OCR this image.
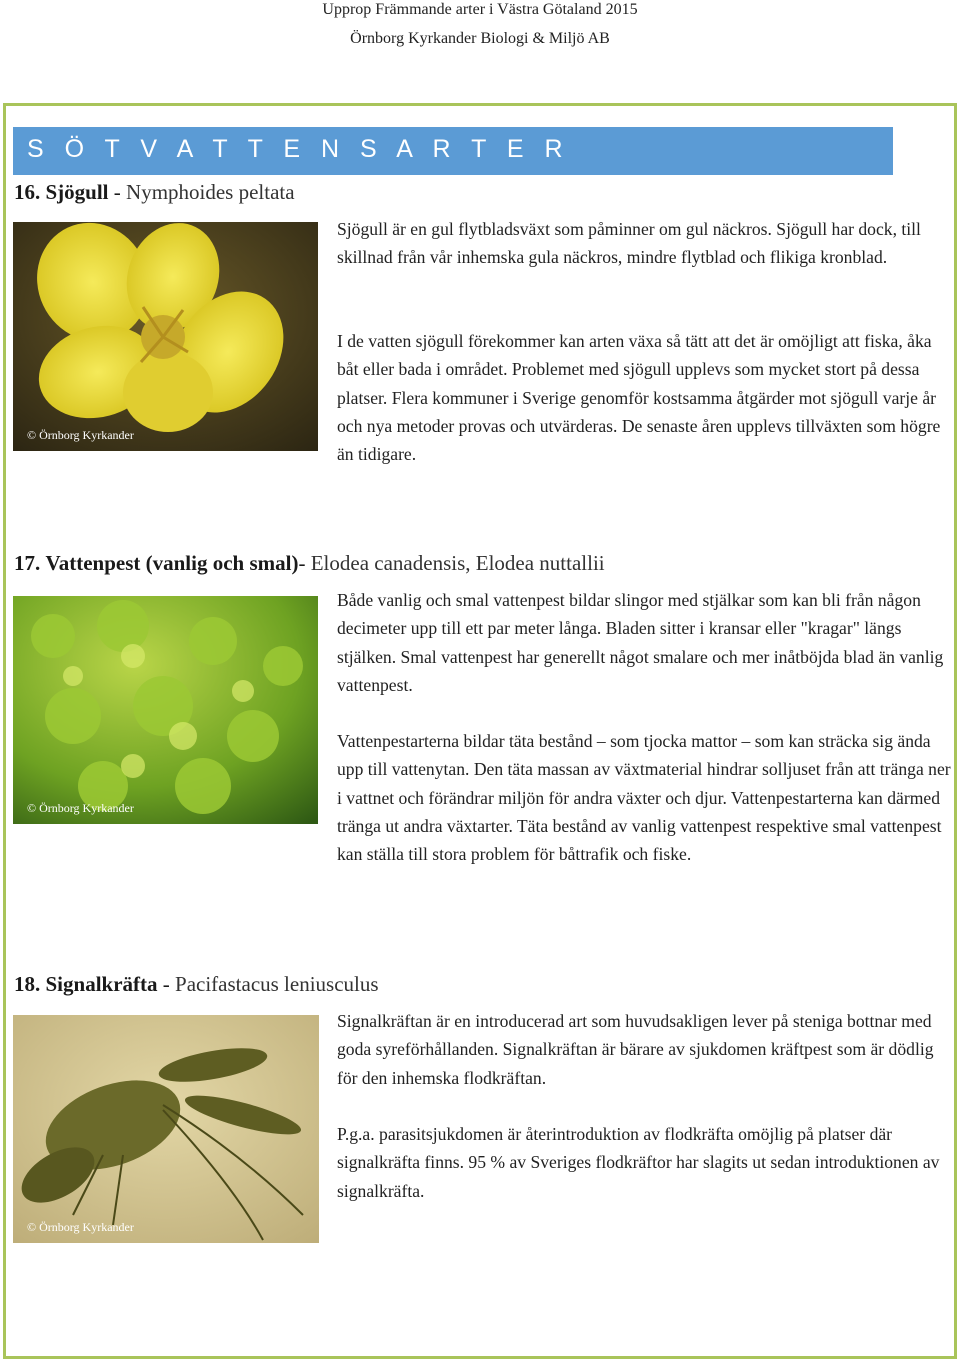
Upprop Främmande arter i Västra Götaland 2015
Örnborg Kyrkander Biologi & Miljö AB
S Ö T V A T T E N S A R T E R
16. Sjögull - Nymphoides peltata
© Örnborg Kyrkander

Sjögull är en gul flytbladsväxt som påminner om gul näckros. Sjögull har dock, till skillnad från vår inhemska gula näckros, mindre flytblad och flikiga kronblad.

I de vatten sjögull förekommer kan arten växa så tätt att det är omöjligt att fiska, åka båt eller bada i området. Problemet med sjögull upplevs som mycket stort på dessa platser. Flera kommuner i Sverige genomför kostsamma åtgärder mot sjögull varje år och nya metoder provas och utvärderas. De senaste åren upplevs tillväxten som högre än tidigare.

17. Vattenpest (vanlig och smal)- Elodea canadensis, Elodea nuttallii
© Örnborg Kyrkander

Både vanlig och smal vattenpest bildar slingor med stjälkar som kan bli från någon decimeter upp till ett par meter långa. Bladen sitter i kransar eller "kragar" längs stjälken. Smal vattenpest har generellt något smalare och mer inåtböjda blad än vanlig vattenpest.

Vattenpestarterna bildar täta bestånd – som tjocka mattor – som kan sträcka sig ända upp till vattenytan. Den täta massan av växtmaterial hindrar solljuset från att tränga ner i vattnet och förändrar miljön för andra växter och djur. Vattenpestarterna kan därmed tränga ut andra växtarter. Täta bestånd av vanlig vattenpest respektive smal vattenpest kan ställa till stora problem för båttrafik och fiske.

18. Signalkräfta - Pacifastacus leniusculus
© Örnborg Kyrkander

Signalkräftan är en introducerad art som huvudsakligen lever på steniga bottnar med goda syreförhållanden. Signalkräftan är bärare av sjukdomen kräftpest som är dödlig för den inhemska flodkräftan.

P.g.a. parasitsjukdomen är återintroduktion av flodkräfta omöjlig på platser där signalkräfta finns. 95 % av Sveriges flodkräftor har slagits ut sedan introduktionen av signalkräfta.
